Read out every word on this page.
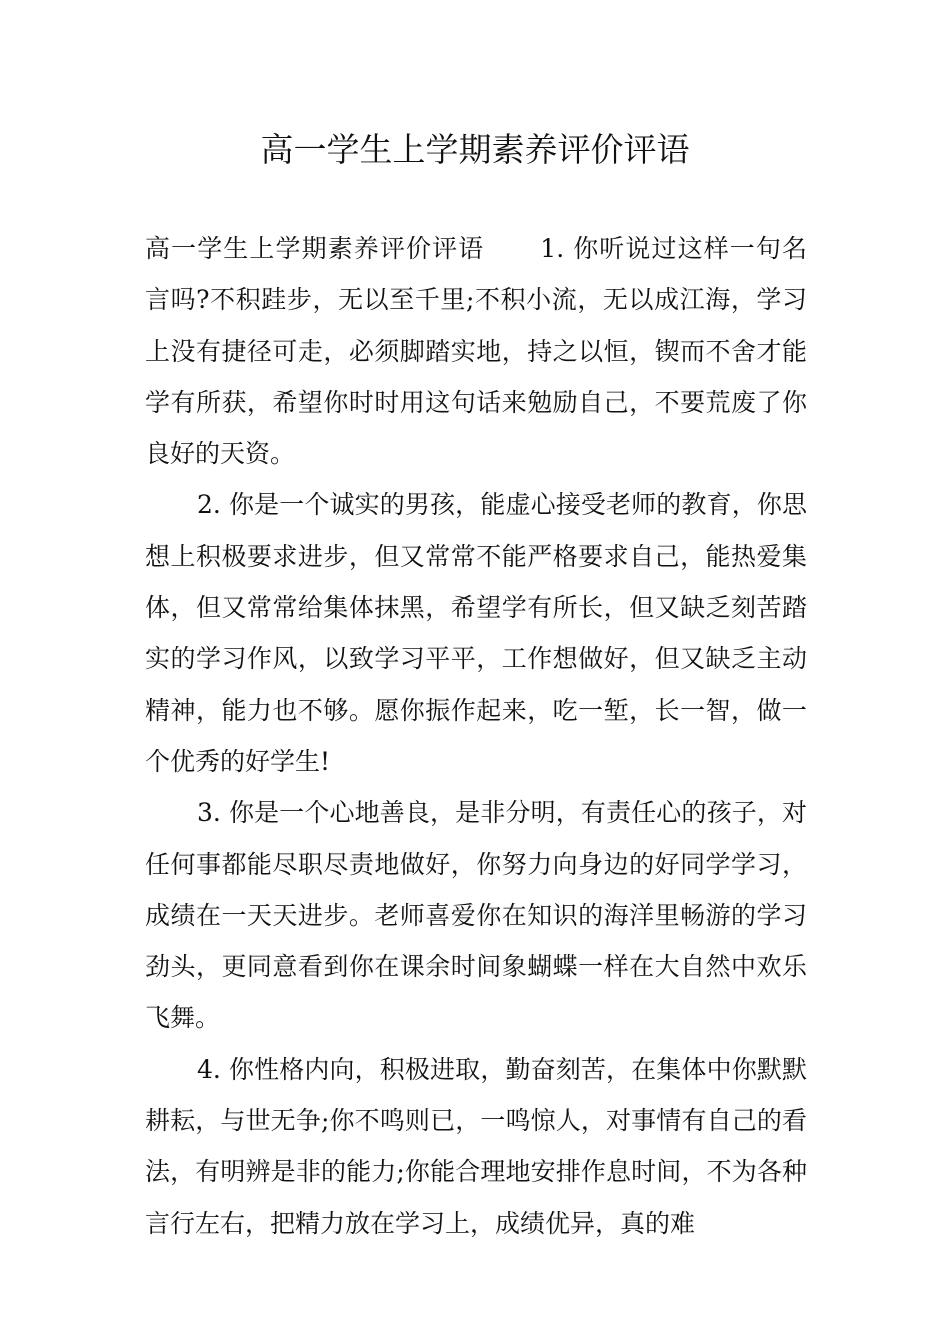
高一学生上学期素养评价评语

高一学生上学期素养评价评语 1. 你听说过这样一句名言吗?不积跬步，无以至千里;不积小流，无以成江海，学习上没有捷径可走，必须脚踏实地，持之以恒，锲而不舍才能学有所获，希望你时时用这句话来勉励自己，不要荒废了你良好的天资。

2. 你是一个诚实的男孩，能虚心接受老师的教育，你思想上积极要求进步，但又常常不能严格要求自己，能热爱集体，但又常常给集体抹黑，希望学有所长，但又缺乏刻苦踏实的学习作风，以致学习平平，工作想做好，但又缺乏主动精神，能力也不够。愿你振作起来，吃一堑，长一智，做一个优秀的好学生!

3. 你是一个心地善良，是非分明，有责任心的孩子，对任何事都能尽职尽责地做好，你努力向身边的好同学学习，成绩在一天天进步。老师喜爱你在知识的海洋里畅游的学习劲头，更同意看到你在课余时间象蝴蝶一样在大自然中欢乐飞舞。

4. 你性格内向，积极进取，勤奋刻苦，在集体中你默默耕耘，与世无争;你不鸣则已，一鸣惊人，对事情有自己的看法，有明辨是非的能力;你能合理地安排作息时间，不为各种言行左右，把精力放在学习上，成绩优异，真的难
